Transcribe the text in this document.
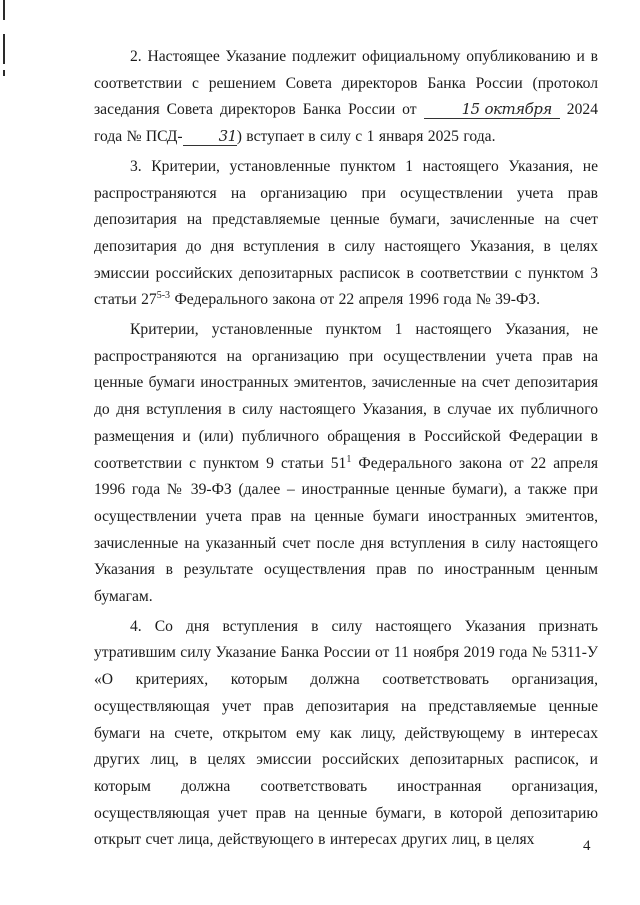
2. Настоящее Указание подлежит официальному опубликованию и в соответствии с решением Совета директоров Банка России (протокол заседания Совета директоров Банка России от	15 октября 2024 года № ПСД- 31) вступает в силу с 1 января 2025 года.

3. Критерии, установленные пунктом 1 настоящего Указания, не распространяются на организацию при осуществлении учета прав депозитария на представляемые ценные бумаги, зачисленные на счет депозитария до дня вступления в силу настоящего Указания, в целях эмиссии российских депозитарных расписок в соответствии с пунктом 3 статьи 27$^{5-3}$ Федерального закона от 22 апреля 1996 года № 39-ФЗ.

Критерии, установленные пунктом 1 настоящего Указания, не распространяются на организацию при осуществлении учета прав на ценные бумаги иностранных эмитентов, зачисленные на счет депозитария до дня вступления в силу настоящего Указания, в случае их публичного размещения и (или) публичного обращения в Российской Федерации в соответствии с пунктом 9 статьи $51^1$ Федерального закона от 22 апреля 1996 года № 39-ФЗ (далее – иностранные ценные бумаги), а также при осуществлении учета прав на ценные бумаги иностранных эмитентов, зачисленные на указанный счет после дня вступления в силу настоящего Указания в результате осуществления прав по иностранным ценным бумагам.

4. Со дня вступления в силу настоящего Указания признать утратившим силу Указание Банка России от 11 ноября 2019 года № 5311-У «О критериях, которым должна соответствовать организация, осуществляющая учет прав депозитария на представляемые ценные бумаги на счете, открытом ему как лицу, действующему в интересах других лиц, в целях эмиссии российских депозитарных расписок, и которым должна соответствовать иностранная организация, осуществляющая учет прав на ценные бумаги, в которой депозитарию открыт счет лица, действующего в интересах других лиц, в целях	4
